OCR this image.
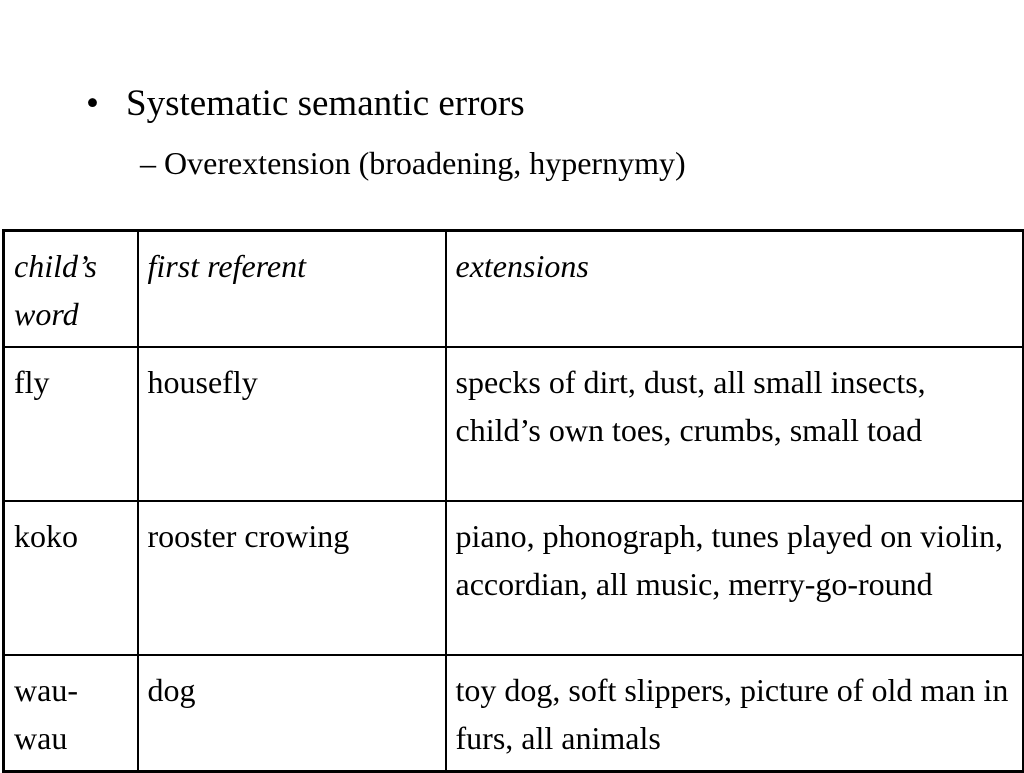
• Systematic semantic errors
– Overextension (broadening, hypernymy)
child’s word	first referent	extensions
fly	housefly	specks of dirt, dust, all small insects, child’s own toes, crumbs, small toad
koko	rooster crowing	piano, phonograph, tunes played on violin, accordian, all music, merry-go-round
wau-wau	dog	toy dog, soft slippers, picture of old man in furs, all animals
